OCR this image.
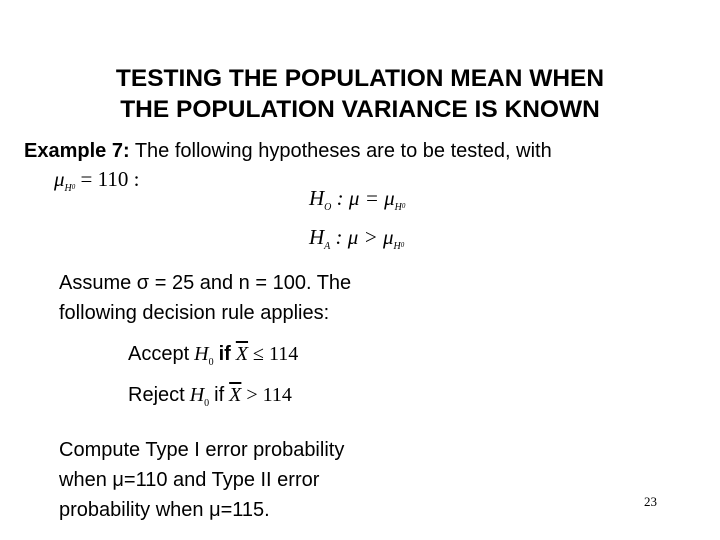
TESTING THE POPULATION MEAN WHEN
THE POPULATION VARIANCE IS KNOWN
Example 7: The following hypotheses are to be tested, with
$\mu_H0 = 110$ :
$H_O$ : $\mu = \mu_H0$
$H_A$ : $\mu > \mu_H0$
Assume σ = 25 and n = 100. The
following decision rule applies:
Accept $H_0$ if $\overline{X} \le 114$
Reject $H_0$ if $\overline{X} > 114$
Compute Type I error probability
when μ=110 and Type II error
probability when μ=115.	23
